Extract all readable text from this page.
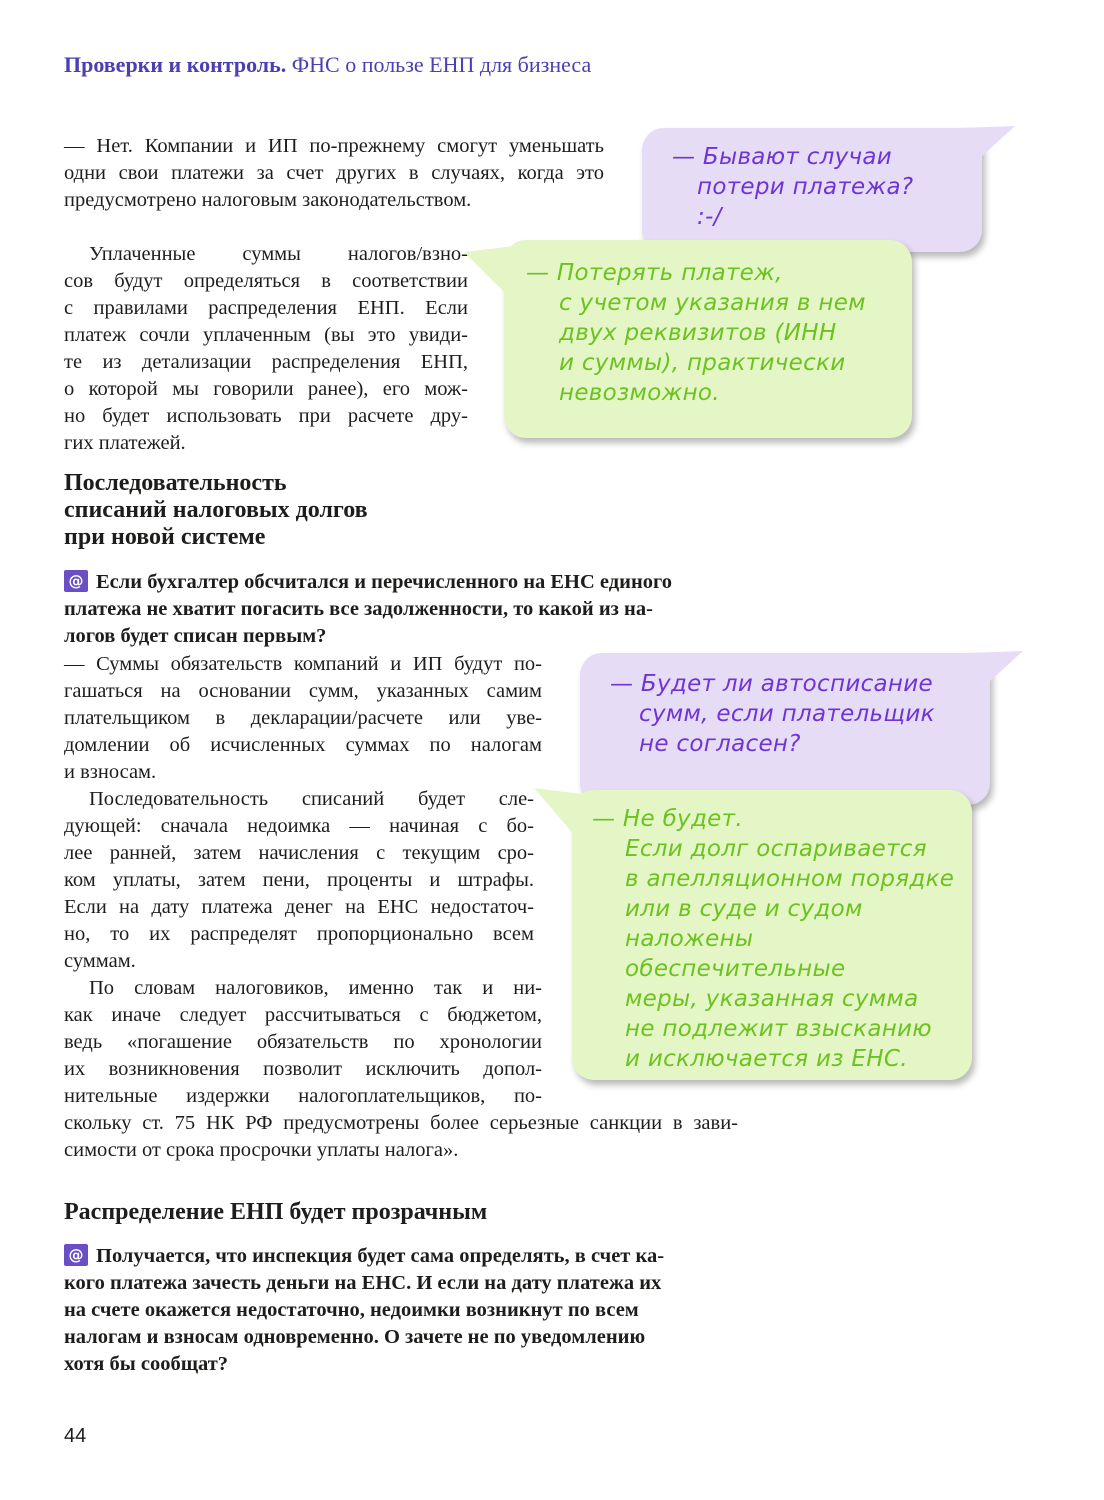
Проверки и контроль. ФНС о пользе ЕНП для бизнеса

— Нет. Компании и ИП по-прежнему смогут уменьшать
одни свои платежи за счет других в случаях, когда это
предусмотрено налоговым законодательством.

Уплаченные суммы налогов/взно-
сов будут определяться в соответствии
с правилами распределения ЕНП. Если
платеж сочли уплаченным (вы это увиди-
те из детализации распределения ЕНП,
о которой мы говорили ранее), его мож-
но будет использовать при расчете дру-
гих платежей.

— Бывают случаи
потери платежа?
:-/
— Потерять платеж,
с учетом указания в нем
двух реквизитов (ИНН
и суммы), практически
невозможно.
Последовательность
списаний налоговых долгов
при новой системе

@ Если бухгалтер обсчитался и перечисленного на ЕНС единого
платежа не хватит погасить все задолженности, то какой из на-
логов будет списан первым?

— Суммы обязательств компаний и ИП будут по-
гашаться на основании сумм, указанных самим
плательщиком в декларации/расчете или уве-
домлении об исчисленных суммах по налогам
и взносам.

Последовательность списаний будет сле-
дующей: сначала недоимка — начиная с бо-
лее ранней, затем начисления с текущим сро-
ком уплаты, затем пени, проценты и штрафы.
Если на дату платежа денег на ЕНС недостаточ-
но, то их распределят пропорционально всем
суммам.

По словам налоговиков, именно так и ни-
как иначе следует рассчитываться с бюджетом,
ведь «погашение обязательств по хронологии
их возникновения позволит исключить допол-
нительные издержки налогоплательщиков, по-

скольку ст. 75 НК РФ предусмотрены более серьезные санкции в зави-
симости от срока просрочки уплаты налога».

— Будет ли автосписание
сумм, если плательщик
не согласен?
— Не будет.
Если долг оспаривается
в апелляционном порядке
или в суде и судом
наложены обеспечительные
меры, указанная сумма
не подлежит взысканию
и исключается из ЕНС.
Распределение ЕНП будет прозрачным

@ Получается, что инспекция будет сама определять, в счет ка-
кого платежа зачесть деньги на ЕНС. И если на дату платежа их
на счете окажется недостаточно, недоимки возникнут по всем
налогам и взносам одновременно. О зачете не по уведомлению
хотя бы сообщат?

44
